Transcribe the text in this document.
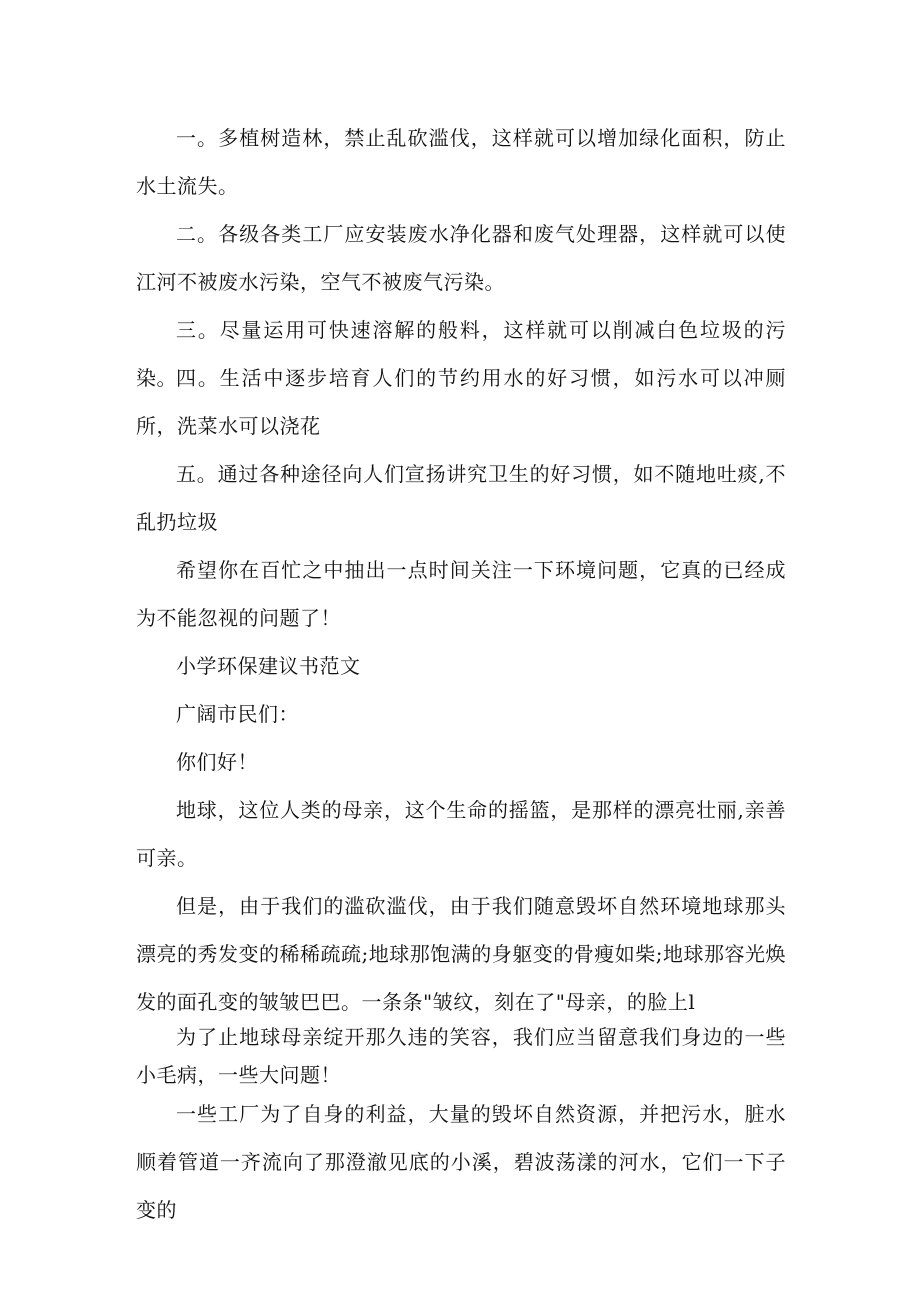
一。多植树造林，禁止乱砍滥伐，这样就可以增加绿化面积，防止水土流失。

二。各级各类工厂应安装废水净化器和废气处理器，这样就可以使江河不被废水污染，空气不被废气污染。

三。尽量运用可快速溶解的般料，这样就可以削减白色垃圾的污染。 四。生活中逐步培育人们的节约用水的好习惯，如污水可以冲厕所，洗菜水可以浇花

五。通过各种途径向人们宣扬讲究卫生的好习惯，如不随地吐痰,不乱扔垃圾

希望你在百忙之中抽出一点时间关注一下环境问题，它真的已经成为不能忽视的问题了！

小学环保建议书范文

广阔市民们：

你们好！

地球，这位人类的母亲，这个生命的摇篮，是那样的漂亮壮丽,亲善可亲。

但是，由于我们的滥砍滥伐，由于我们随意毁坏自然环境地球那头漂亮的秀发变的稀稀疏疏;地球那饱满的身躯变的骨瘦如柴;地球那容光焕发的面孔变的皱皱巴巴。一条条"皱纹，刻在了"母亲，的脸上l

为了止地球母亲绽开那久违的笑容，我们应当留意我们身边的一些小毛病，一些大问题！

一些工厂为了自身的利益，大量的毁坏自然资源，并把污水，脏水顺着管道一齐流向了那澄澈见底的小溪，碧波荡漾的河水，它们一下子变的
